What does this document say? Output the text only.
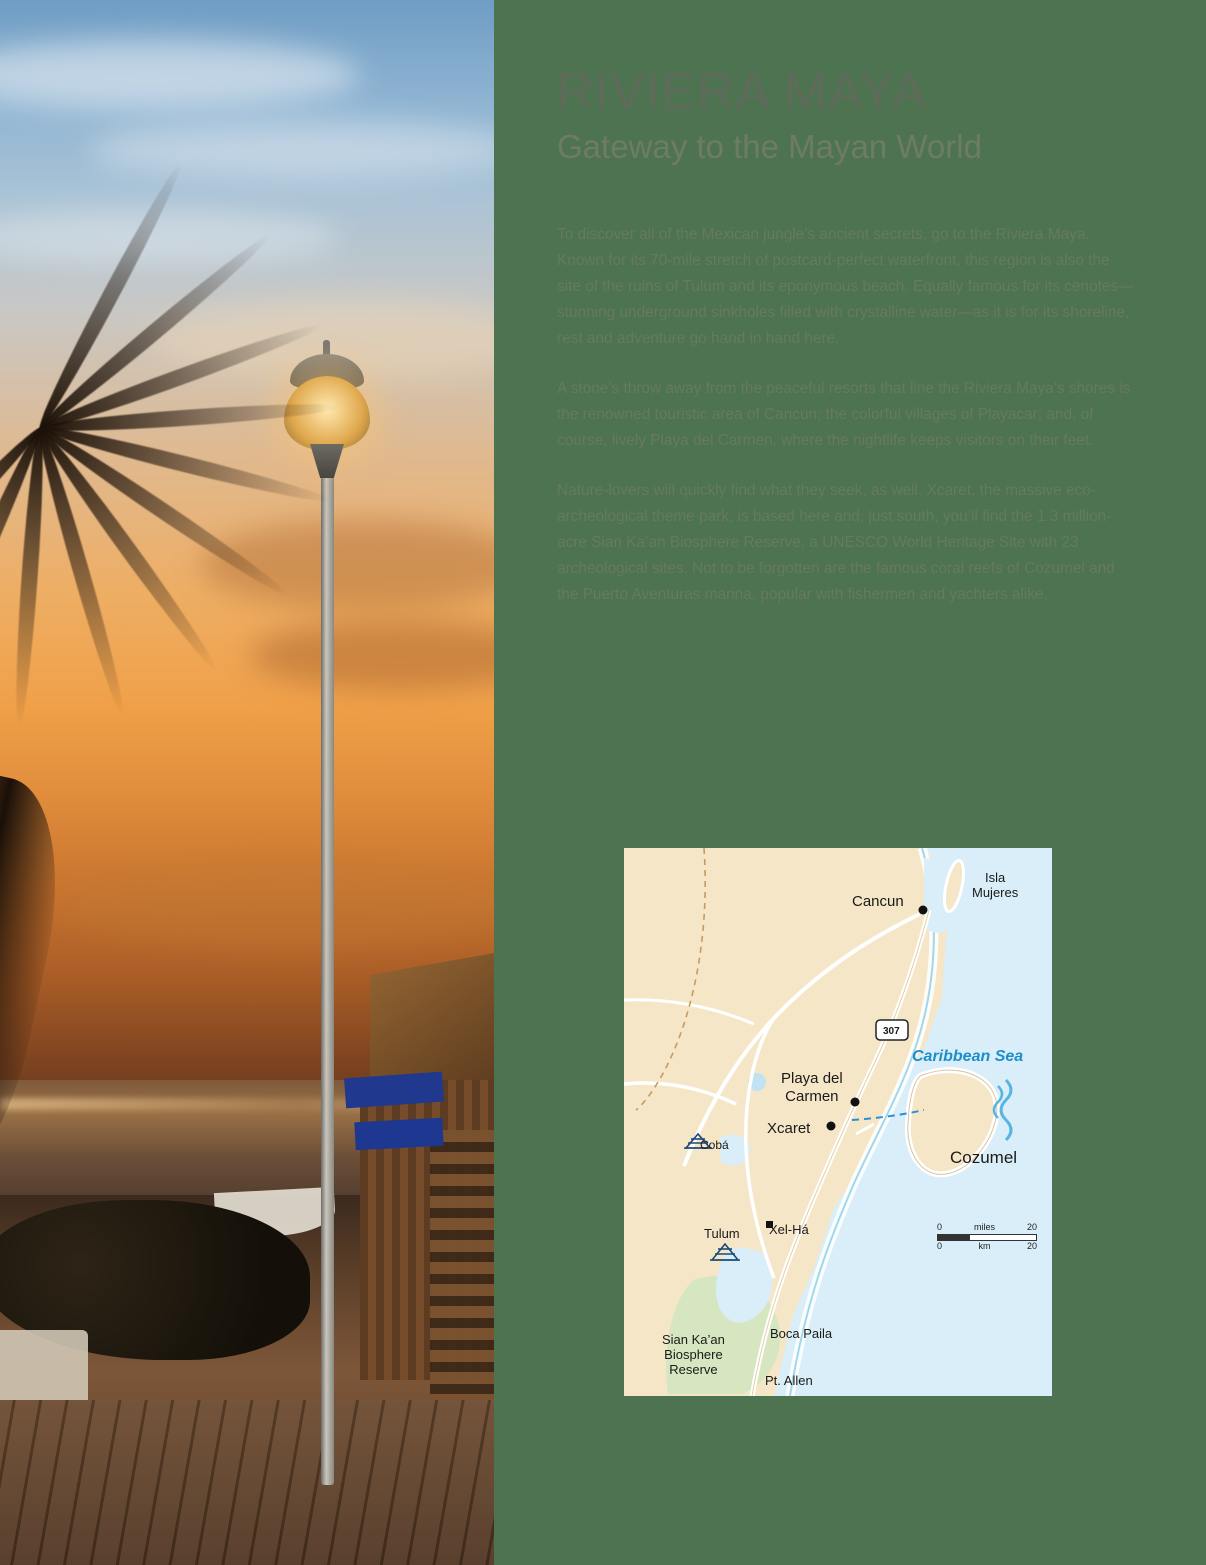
RIVIERA MAYA
Gateway to the Mayan World

To discover all of the Mexican jungle’s ancient secrets, go to the Riviera Maya. Known for its 70-mile stretch of postcard-perfect waterfront, this region is also the site of the ruins of Tulum and its eponymous beach. Equally famous for its cenotes—stunning underground sinkholes filled with crystalline water—as it is for its shoreline, rest and adventure go hand in hand here.

A stone’s throw away from the peaceful resorts that line the Riviera Maya’s shores is the renowned touristic area of Cancun; the colorful villages of Playacar; and, of course, lively Playa del Carmen, where the nightlife keeps visitors on their feet.

Nature-lovers will quickly find what they seek, as well. Xcaret, the massive eco-archeological theme park, is based here and, just south, you’ll find the 1.3 million-acre Sian Ka’an Biosphere Reserve, a UNESCO World Heritage Site with 23 archeological sites. Not to be forgotten are the famous coral reefs of Cozumel and the Puerto Aventuras marina, popular with fishermen and yachters alike.

Cancun
Isla
Mujeres
Playa del
Carmen
Xcaret
Cozumel
Caribbean Sea
Cobá
Xel-Há
Tulum
Boca Paila
Pt. Allen
Sian Ka’an
Biosphere
Reserve
307
0	miles	20
0	km	20
